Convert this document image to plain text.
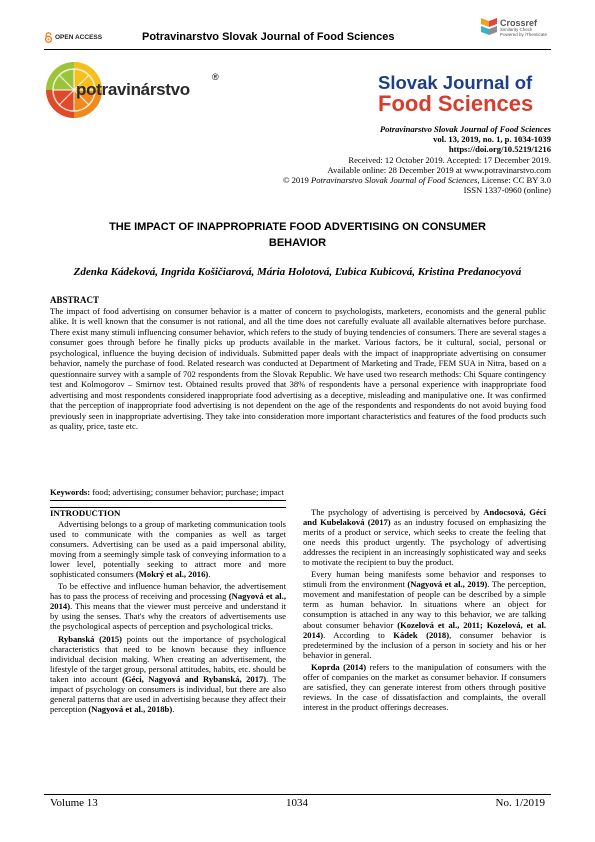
OPEN ACCESS	Potravinarstvo Slovak Journal of Food Sciences
Crossref
Similarity Check
Powered by iThenticate
potravinárstvo
®	Slovak Journal of
Food Sciences
Potravinarstvo Slovak Journal of Food Sciences
vol. 13, 2019, no. 1, p. 1034-1039
https://doi.org/10.5219/1216
Received: 12 October 2019. Accepted: 17 December 2019.
Available online: 28 December 2019 at www.potravinarstvo.com
© 2019 Potravinarstvo Slovak Journal of Food Sciences, License: CC BY 3.0
ISSN 1337-0960 (online)
THE IMPACT OF INAPPROPRIATE FOOD ADVERTISING ON CONSUMER
BEHAVIOR
Zdenka Kádeková, Ingrida Košičiarová, Mária Holotová, Ľubica Kubicová, Kristina Predanocyová
ABSTRACT
The impact of food advertising on consumer behavior is a matter of concern to psychologists, marketers, economists and the general public alike. It is well known that the consumer is not rational, and all the time does not carefully evaluate all available alternatives before purchase. There exist many stimuli influencing consumer behavior, which refers to the study of buying tendencies of consumers. There are several stages a consumer goes through before he finally picks up products available in the market. Various factors, be it cultural, social, personal or psychological, influence the buying decision of individuals. Submitted paper deals with the impact of inappropriate advertising on consumer behavior, namely the purchase of food. Related research was conducted at Department of Marketing and Trade, FEM SUA in Nitra, based on a questionnaire survey with a sample of 702 respondents from the Slovak Republic. We have used two research methods: Chi Square contingency test and Kolmogorov – Smirnov test. Obtained results proved that 38% of respondents have a personal experience with inappropriate food advertising and most respondents considered inappropriate food advertising as a deceptive, misleading and manipulative one. It was confirmed that the perception of inappropriate food advertising is not dependent on the age of the respondents and respondents do not avoid buying food previously seen in inappropriate advertising. They take into consideration more important characteristics and features of the food products such as quality, price, taste etc.
Keywords: food; advertising; consumer behavior; purchase; impact
INTRODUCTION

Advertising belongs to a group of marketing communication tools used to communicate with the companies as well as target consumers. Advertising can be used as a paid impersonal ability, moving from a seemingly simple task of conveying information to a lower level, potentially seeking to attract more and more sophisticated consumers (Mokrý et al., 2016).

To be effective and influence human behavior, the advertisement has to pass the process of receiving and processing (Nagyová et al., 2014). This means that the viewer must perceive and understand it by using the senses. That's why the creators of advertisements use the psychological aspects of perception and psychological tricks.

Rybanská (2015) points out the importance of psychological characteristics that need to be known because they influence individual decision making. When creating an advertisement, the lifestyle of the target group, personal attitudes, habits, etc. should be taken into account (Géci, Nagyová and Rybanská, 2017). The impact of psychology on consumers is individual, but there are also general patterns that are used in advertising because they affect their perception (Nagyová et al., 2018b).

The psychology of advertising is perceived by Andocsová, Géci and Kubelaková (2017) as an industry focused on emphasizing the merits of a product or service, which seeks to create the feeling that one needs this product urgently. The psychology of advertising addresses the recipient in an increasingly sophisticated way and seeks to motivate the recipient to buy the product.

Every human being manifests some behavior and responses to stimuli from the environment (Nagyová et al., 2019). The perception, movement and manifestation of people can be described by a simple term as human behavior. In situations where an object for consumption is attached in any way to this behavior, we are talking about consumer behavior (Kozelová et al., 2011; Kozelová, et al. 2014). According to Kádek (2018), consumer behavior is predetermined by the inclusion of a person in society and his or her behavior in general.

Koprda (2014) refers to the manipulation of consumers with the offer of companies on the market as consumer behavior. If consumers are satisfied, they can generate interest from others through positive reviews. In the case of dissatisfaction and complaints, the overall interest in the product offerings decreases.

Volume 13	1034	No. 1/2019
